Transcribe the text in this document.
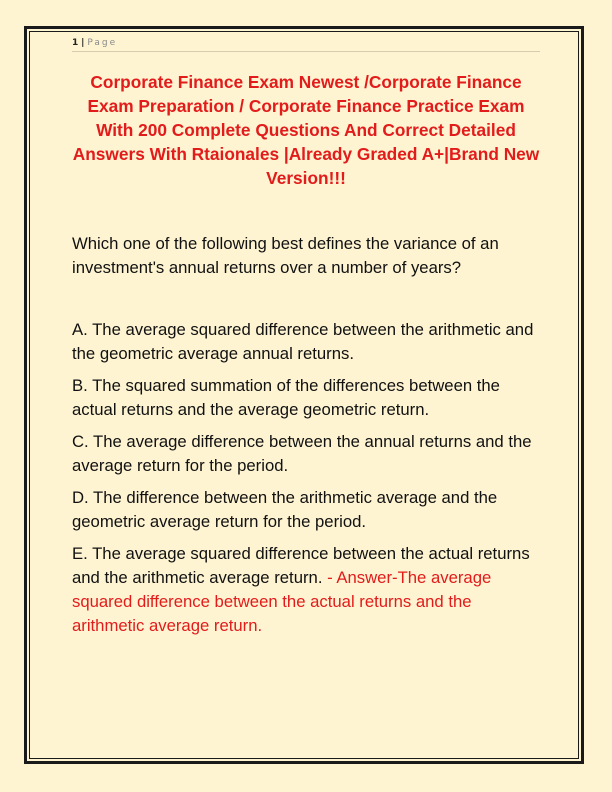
1 | Page
Corporate Finance Exam Newest /Corporate Finance Exam Preparation / Corporate Finance Practice Exam With 200 Complete Questions And Correct Detailed Answers With Rtaionales |Already Graded A+|Brand New Version!!!

Which one of the following best defines the variance of an investment's annual returns over a number of years?

A. The average squared difference between the arithmetic and the geometric average annual returns.
B. The squared summation of the differences between the actual returns and the average geometric return.
C. The average difference between the annual returns and the average return for the period.
D. The difference between the arithmetic average and the geometric average return for the period.
E. The average squared difference between the actual returns and the arithmetic average return. - Answer-The average squared difference between the actual returns and the arithmetic average return.
